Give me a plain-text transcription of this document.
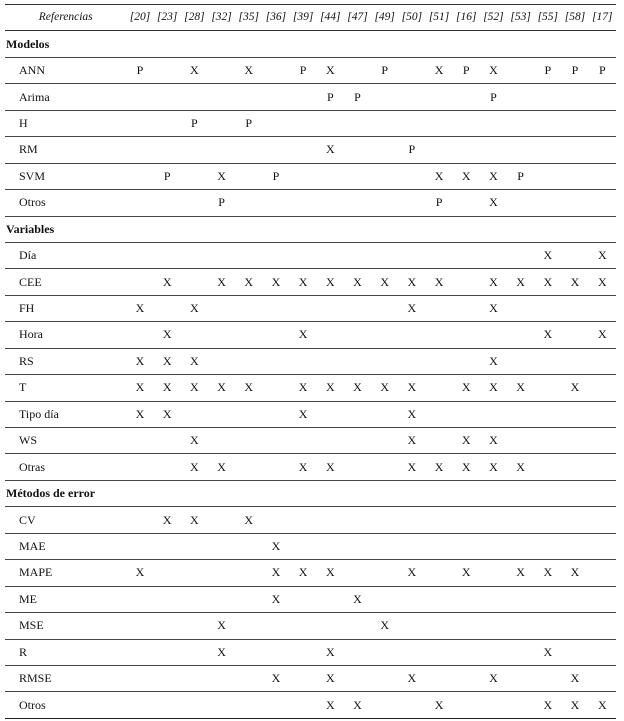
Referencias	[20]	[23]	[28]	[32]	[35]	[36]	[39]	[44]	[47]	[49]	[50]	[51]	[16]	[52]	[53]	[55]	[58]	[17]
Modelos																		
ANN	P		X		X		P	X		P		X	P	X		P	P	P
Arima								P	P					P				
H			P		P													
RM								X			P							
SVM		P		X		P						X	X	X	P			
Otros				P								P		X				
Variables																		
Día																X		X
CEE		X		X	X	X	X	X	X	X	X	X		X	X	X	X	X
FH	X		X								X			X				
Hora		X					X									X		X
RS	X	X	X											X				
T	X	X	X	X	X		X	X	X	X	X		X	X	X		X	
Tipo día	X	X					X				X							
WS			X								X		X	X				
Otras			X	X			X	X			X	X	X	X	X			
Métodos de error																		
CV		X	X		X													
MAE						X												
MAPE	X					X	X	X			X		X		X	X	X	
ME						X			X									
MSE				X						X								
R				X				X								X		
RMSE						X		X			X			X			X	
Otros								X	X			X				X	X	X
